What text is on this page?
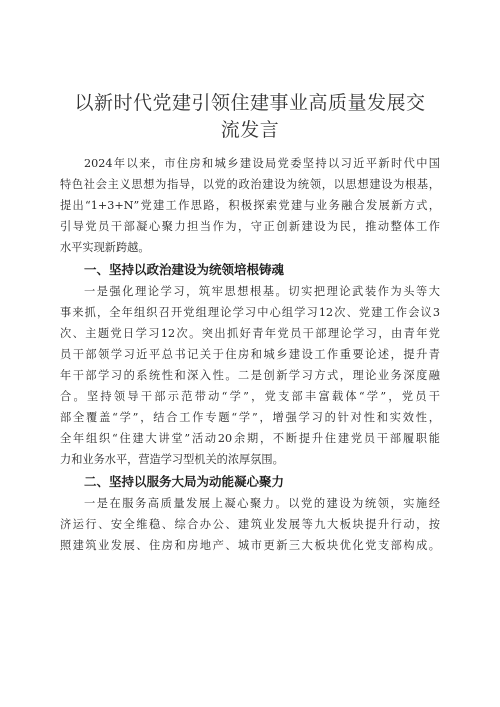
以新时代党建引领住建事业高质量发展交
流发言
2024年以来，市住房和城乡建设局党委坚持以习近平新时代中国
特色社会主义思想为指导，以党的政治建设为统领，以思想建设为根基，
提出“1+3+N”党建工作思路，积极探索党建与业务融合发展新方式，
引导党员干部凝心聚力担当作为，守正创新建设为民，推动整体工作
水平实现新跨越。
一、坚持以政治建设为统领培根铸魂
一是强化理论学习，筑牢思想根基。切实把理论武装作为头等大
事来抓，全年组织召开党组理论学习中心组学习12次、党建工作会议3
次、主题党日学习12次。突出抓好青年党员干部理论学习，由青年党
员干部领学习近平总书记关于住房和城乡建设工作重要论述，提升青
年干部学习的系统性和深入性。二是创新学习方式，理论业务深度融
合。坚持领导干部示范带动“学”，党支部丰富载体“学”，党员干
部全覆盖“学”，结合工作专题“学”，增强学习的针对性和实效性，
全年组织“住建大讲堂”活动20余期，不断提升住建党员干部履职能
力和业务水平，营造学习型机关的浓厚氛围。
二、坚持以服务大局为动能凝心聚力
一是在服务高质量发展上凝心聚力。以党的建设为统领，实施经
济运行、安全维稳、综合办公、建筑业发展等九大板块提升行动，按
照建筑业发展、住房和房地产、城市更新三大板块优化党支部构成。
